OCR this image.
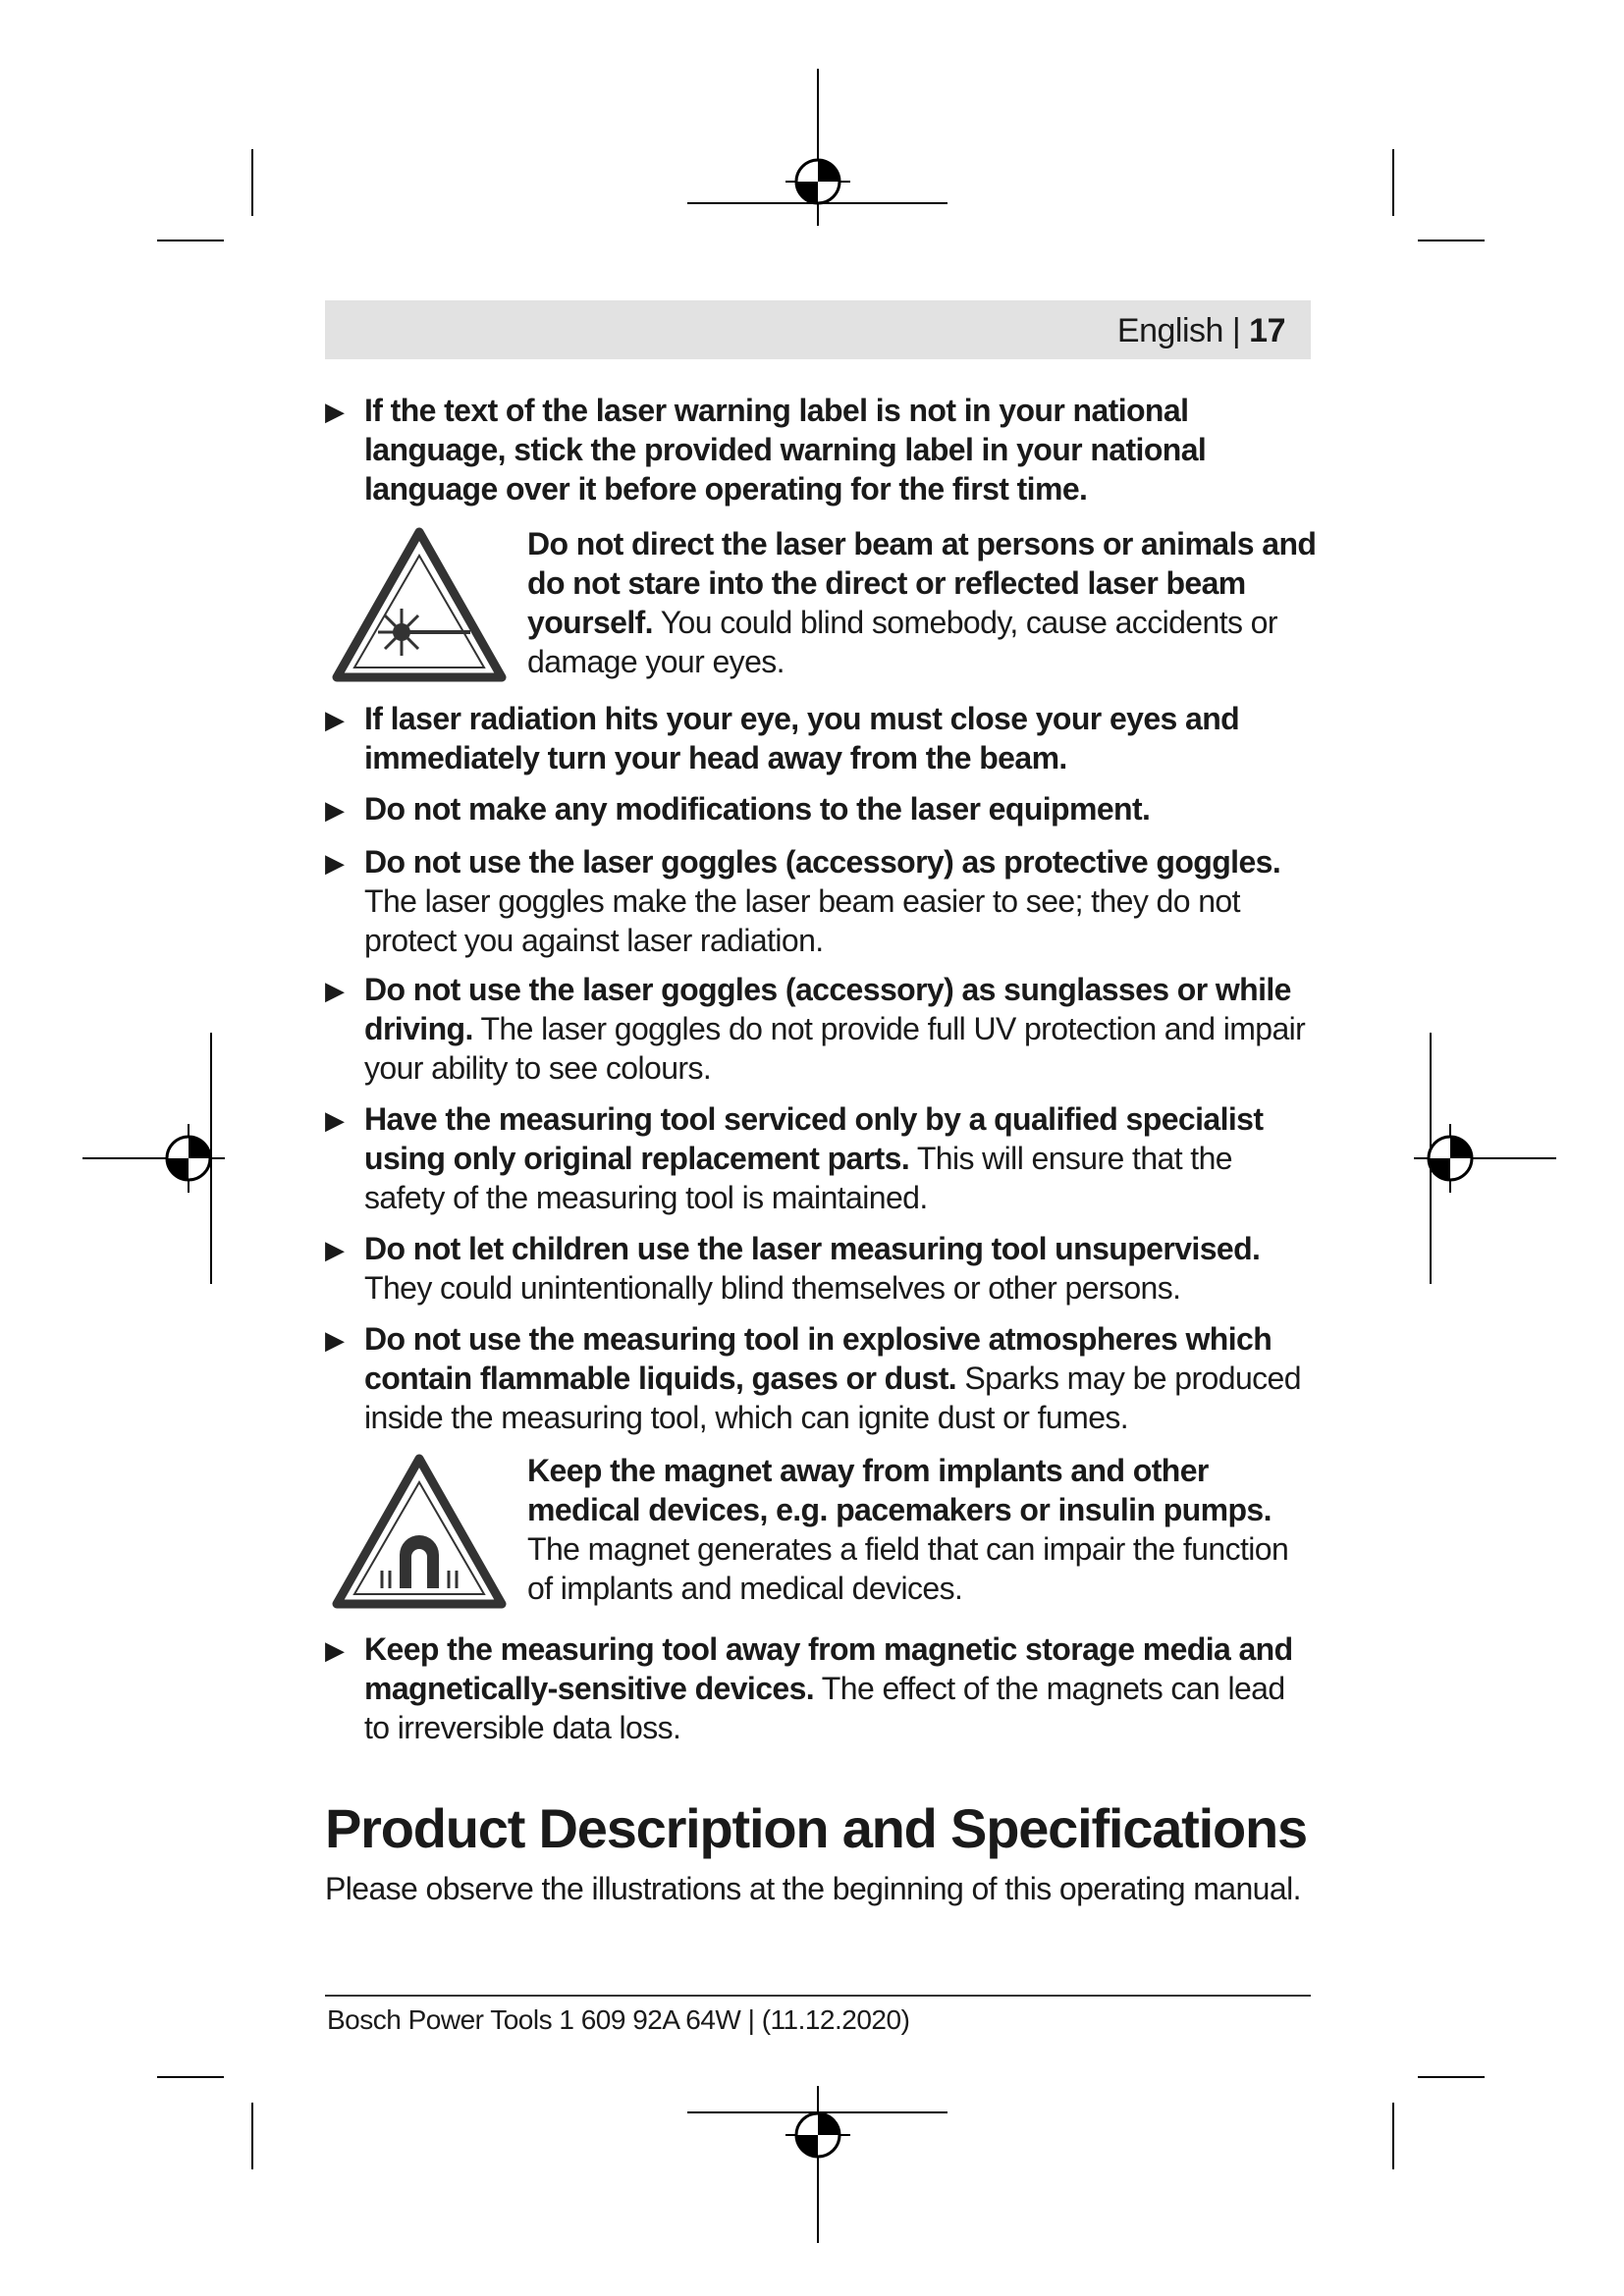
English | 17
▶ If the text of the laser warning label is not in your national language, stick the provided warning label in your national language over it before operating for the first time.
Do not direct the laser beam at persons or animals and do not stare into the direct or reflected laser beam yourself. You could blind somebody, cause accidents or damage your eyes.
▶ If laser radiation hits your eye, you must close your eyes and immediately turn your head away from the beam.
▶ Do not make any modifications to the laser equipment.
▶ Do not use the laser goggles (accessory) as protective goggles. The laser goggles make the laser beam easier to see; they do not protect you against laser radiation.
▶ Do not use the laser goggles (accessory) as sunglasses or while driving. The laser goggles do not provide full UV protection and impair your ability to see colours.
▶ Have the measuring tool serviced only by a qualified specialist using only original replacement parts. This will ensure that the safety of the measuring tool is maintained.
▶ Do not let children use the laser measuring tool unsupervised. They could unintentionally blind themselves or other persons.
▶ Do not use the measuring tool in explosive atmospheres which contain flammable liquids, gases or dust. Sparks may be produced inside the measuring tool, which can ignite dust or fumes.
Keep the magnet away from implants and other medical devices, e.g. pacemakers or insulin pumps. The magnet generates a field that can impair the function of implants and medical devices.
▶ Keep the measuring tool away from magnetic storage media and magnetically-sensitive devices. The effect of the magnets can lead to irreversible data loss.
Product Description and Specifications
Please observe the illustrations at the beginning of this operating manual.
Bosch Power Tools 1 609 92A 64W | (11.12.2020)
